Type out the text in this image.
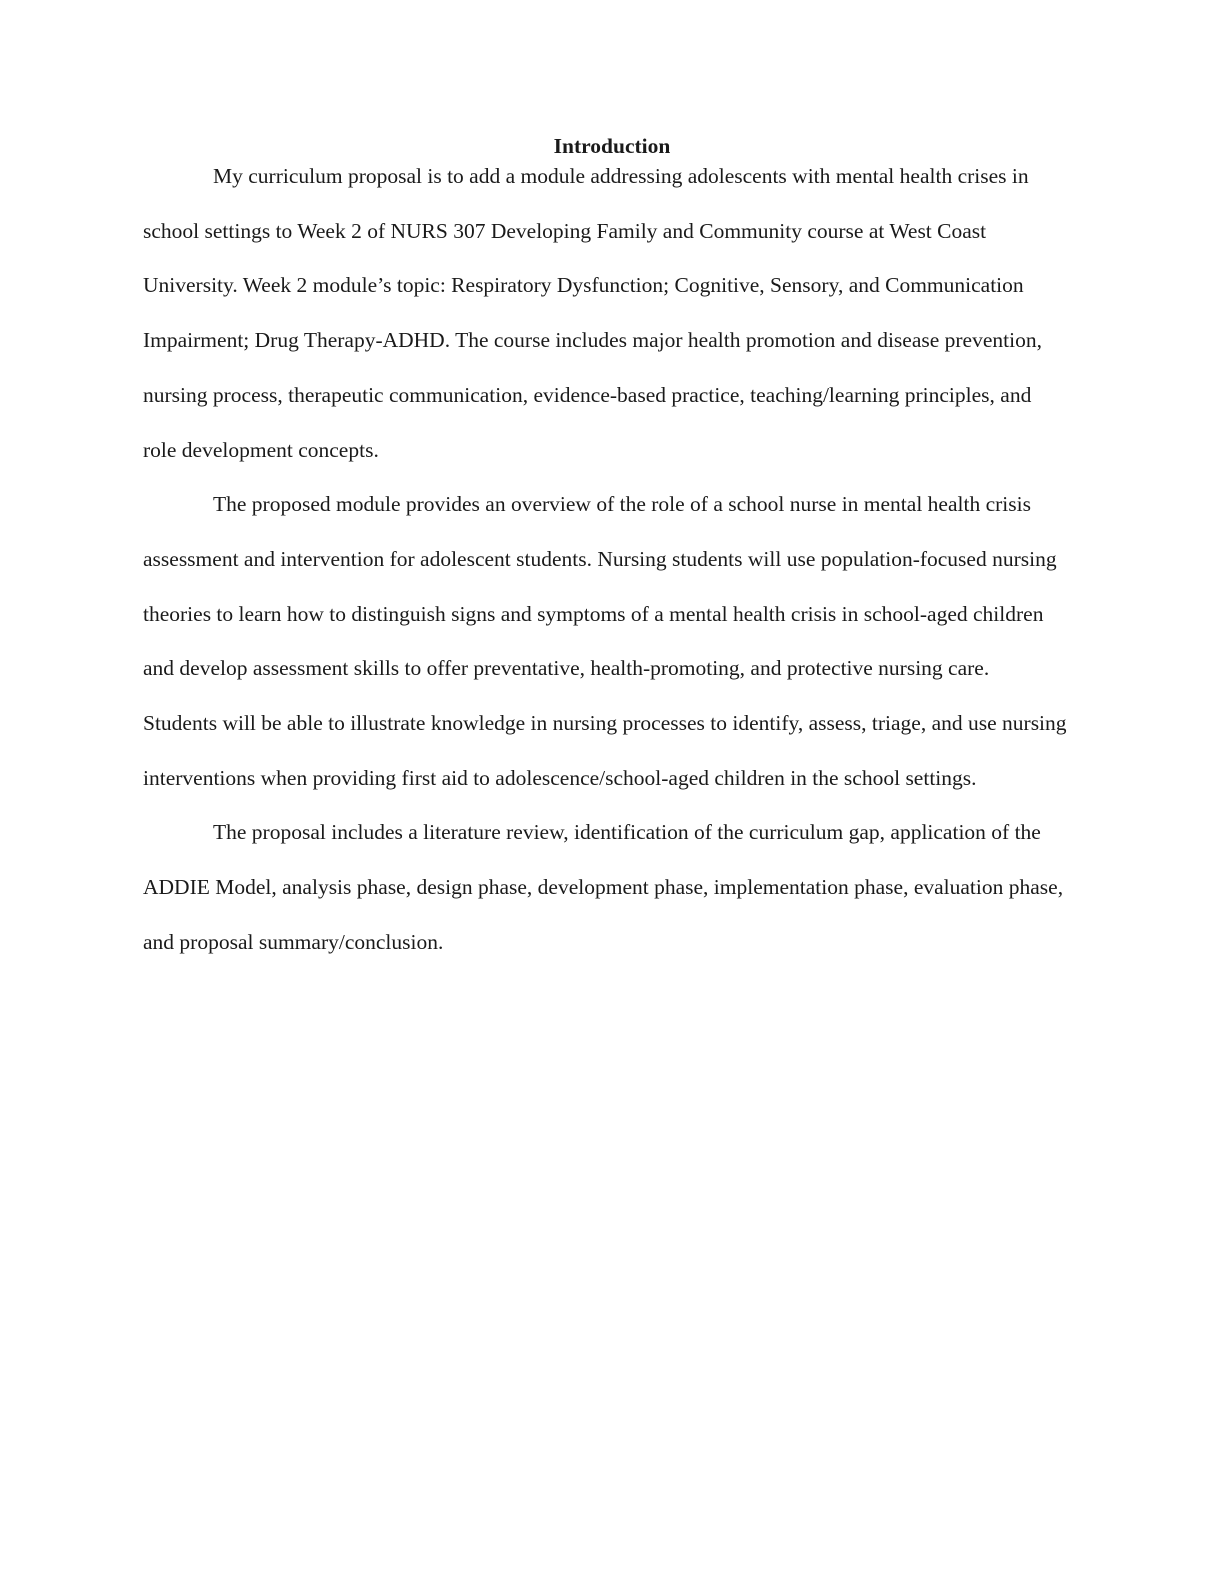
Introduction

My curriculum proposal is to add a module addressing adolescents with mental health crises in school settings to Week 2 of NURS 307 Developing Family and Community course at West Coast University. Week 2 module’s topic: Respiratory Dysfunction; Cognitive, Sensory, and Communication Impairment; Drug Therapy-ADHD. The course includes major health promotion and disease prevention, nursing process, therapeutic communication, evidence-based practice, teaching/learning principles, and role development concepts.

The proposed module provides an overview of the role of a school nurse in mental health crisis assessment and intervention for adolescent students. Nursing students will use population-focused nursing theories to learn how to distinguish signs and symptoms of a mental health crisis in school-aged children and develop assessment skills to offer preventative, health-promoting, and protective nursing care. Students will be able to illustrate knowledge in nursing processes to identify, assess, triage, and use nursing interventions when providing first aid to adolescence/school-aged children in the school settings.

The proposal includes a literature review, identification of the curriculum gap, application of the ADDIE Model, analysis phase, design phase, development phase, implementation phase, evaluation phase, and proposal summary/conclusion.
